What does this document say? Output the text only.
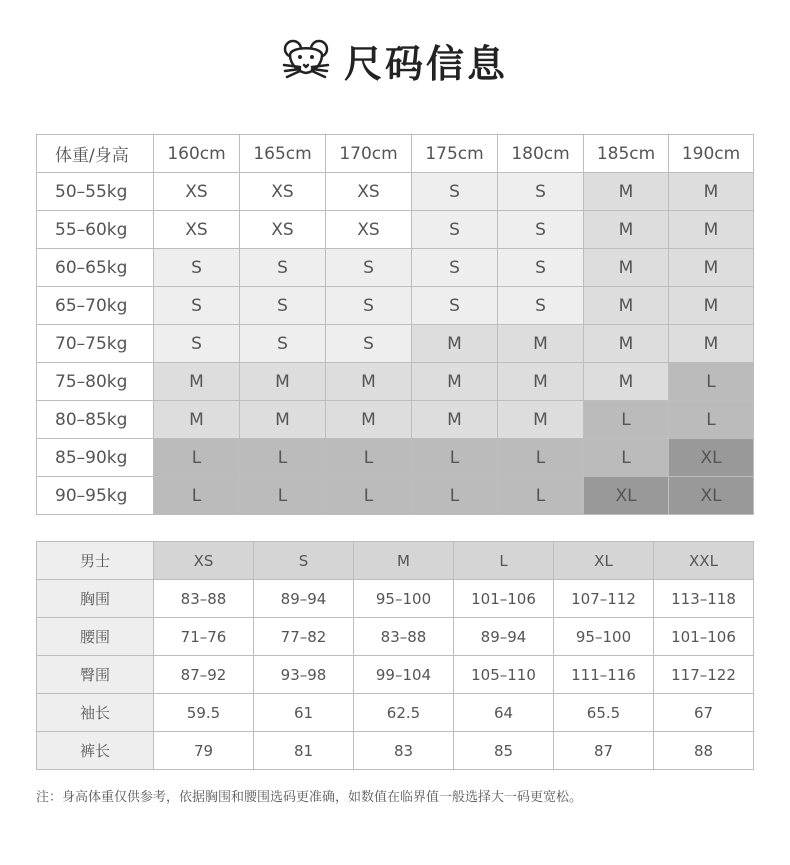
尺码信息
体重/身高	160cm	165cm	170cm	175cm	180cm	185cm	190cm
50–55kg	XS	XS	XS	S	S	M	M
55–60kg	XS	XS	XS	S	S	M	M
60–65kg	S	S	S	S	S	M	M
65–70kg	S	S	S	S	S	M	M
70–75kg	S	S	S	M	M	M	M
75–80kg	M	M	M	M	M	M	L
80–85kg	M	M	M	M	M	L	L
85–90kg	L	L	L	L	L	L	XL
90–95kg	L	L	L	L	L	XL	XL
男士	XS	S	M	L	XL	XXL
胸围	83–88	89–94	95–100	101–106	107–112	113–118
腰围	71–76	77–82	83–88	89–94	95–100	101–106
臀围	87–92	93–98	99–104	105–110	111–116	117–122
袖长	59.5	61	62.5	64	65.5	67
裤长	79	81	83	85	87	88
注：身高体重仅供参考，依据胸围和腰围选码更准确，如数值在临界值一般选择大一码更宽松。
